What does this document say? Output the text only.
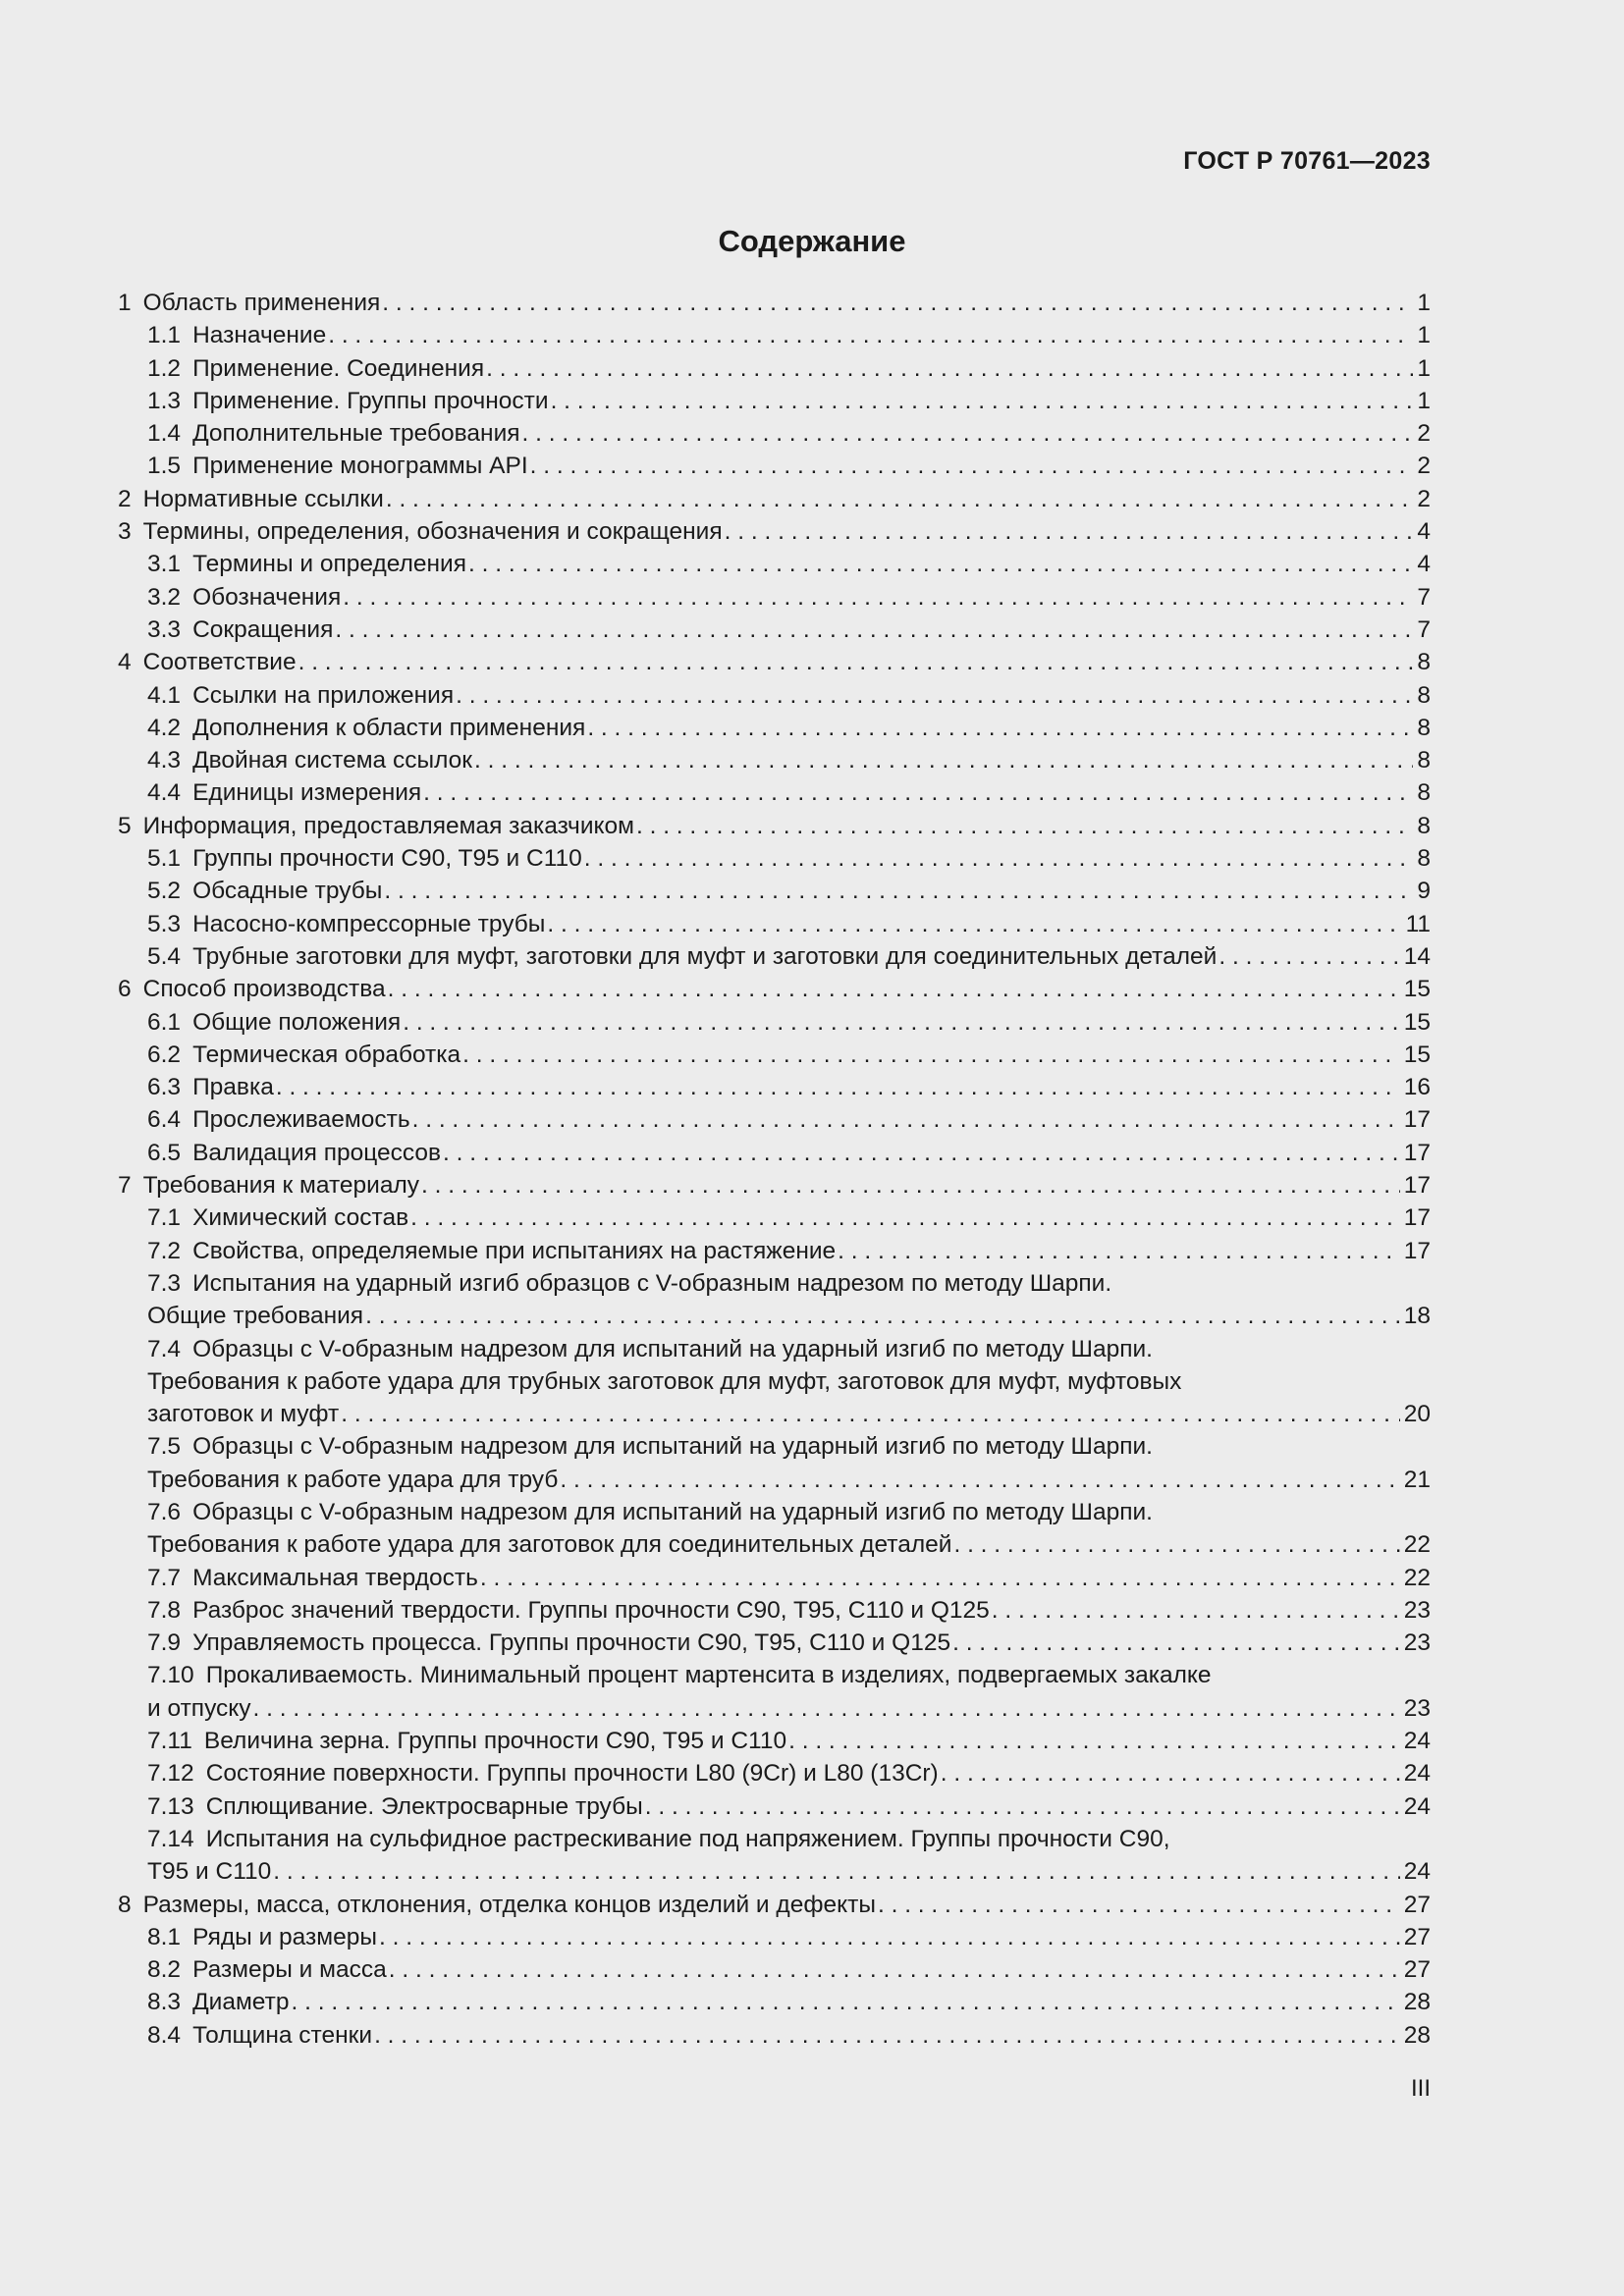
ГОСТ Р 70761—2023
Содержание
1 Область применения . . .	1
1.1 Назначение . . .	1
1.2 Применение. Соединения . . .	1
1.3 Применение. Группы прочности . . .	1
1.4 Дополнительные требования . . .	2
1.5 Применение монограммы API . . .	2
2 Нормативные ссылки . . .	2
3 Термины, определения, обозначения и сокращения . . .	4
3.1 Термины и определения . . .	4
3.2 Обозначения . . .	7
3.3 Сокращения . . .	7
4 Соответствие . . .	8
4.1 Ссылки на приложения . . .	8
4.2 Дополнения к области применения . . .	8
4.3 Двойная система ссылок . . .	8
4.4 Единицы измерения . . .	8
5 Информация, предоставляемая заказчиком . . .	8
5.1 Группы прочности C90, T95 и C110 . . .	8
5.2 Обсадные трубы . . .	9
5.3 Насосно-компрессорные трубы . . .	11
5.4 Трубные заготовки для муфт, заготовки для муфт и заготовки для соединительных деталей . . .	14
6 Способ производства . . .	15
6.1 Общие положения . . .	15
6.2 Термическая обработка . . .	15
6.3 Правка . . .	16
6.4 Прослеживаемость . . .	17
6.5 Валидация процессов . . .	17
7 Требования к материалу . . .	17
7.1 Химический состав . . .	17
7.2 Свойства, определяемые при испытаниях на растяжение . . .	17
7.3 Испытания на ударный изгиб образцов с V-образным надрезом по методу Шарпи.
Общие требования . . .	18
7.4 Образцы с V-образным надрезом для испытаний на ударный изгиб по методу Шарпи.
Требования к работе удара для трубных заготовок для муфт, заготовок для муфт, муфтовых
заготовок и муфт . . .	20
7.5 Образцы с V-образным надрезом для испытаний на ударный изгиб по методу Шарпи.
Требования к работе удара для труб . . .	21
7.6 Образцы с V-образным надрезом для испытаний на ударный изгиб по методу Шарпи.
Требования к работе удара для заготовок для соединительных деталей . . .	22
7.7 Максимальная твердость . . .	22
7.8 Разброс значений твердости. Группы прочности C90, T95, C110 и Q125 . . .	23
7.9 Управляемость процесса. Группы прочности C90, T95, C110 и Q125 . . .	23
7.10 Прокаливаемость. Минимальный процент мартенсита в изделиях, подвергаемых закалке
и отпуску . . .	23
7.11 Величина зерна. Группы прочности C90, T95 и C110 . . .	24
7.12 Состояние поверхности. Группы прочности L80 (9Cr) и L80 (13Cr) . . .	24
7.13 Сплющивание. Электросварные трубы . . .	24
7.14 Испытания на сульфидное растрескивание под напряжением. Группы прочности C90,
T95 и C110 . . .	24
8 Размеры, масса, отклонения, отделка концов изделий и дефекты . . .	27
8.1 Ряды и размеры . . .	27
8.2 Размеры и масса . . .	27
8.3 Диаметр . . .	28
8.4 Толщина стенки . . .	28
III
